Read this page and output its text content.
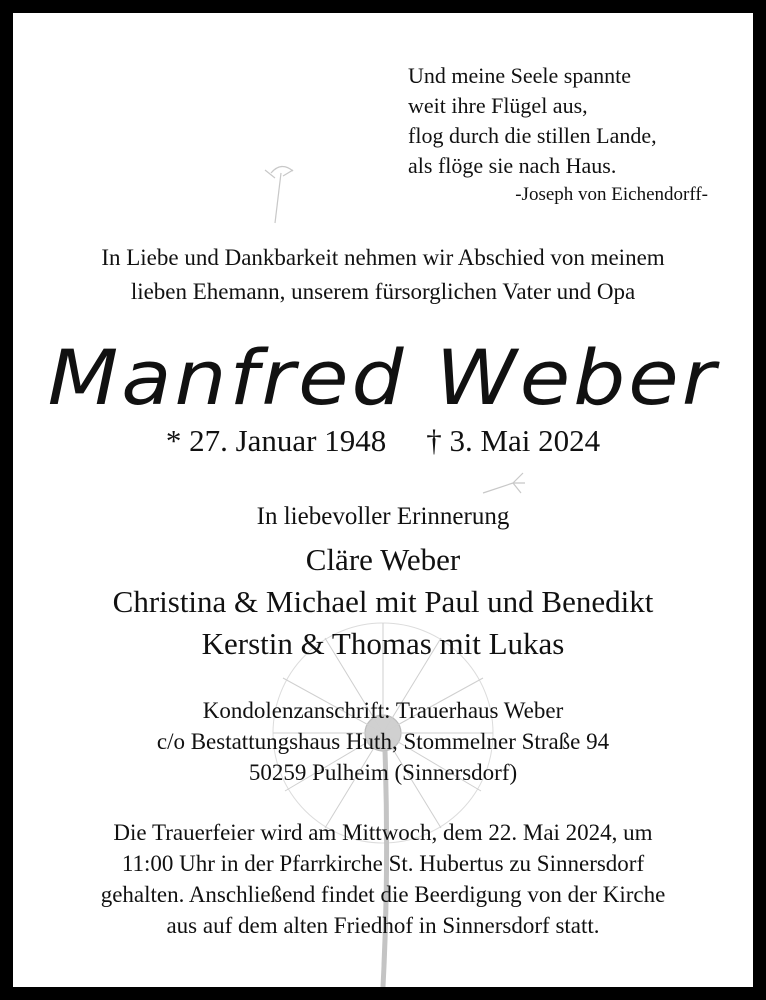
Und meine Seele spannte
weit ihre Flügel aus,
flog durch die stillen Lande,
als flöge sie nach Haus.
-Joseph von Eichendorff-
In Liebe und Dankbarkeit nehmen wir Abschied von meinem
lieben Ehemann, unserem fürsorglichen Vater und Opa
Manfred Weber
* 27. Januar 1948 † 3. Mai 2024
In liebevoller Erinnerung
Cläre Weber
Christina & Michael mit Paul und Benedikt
Kerstin & Thomas mit Lukas
Kondolenzanschrift: Trauerhaus Weber
c/o Bestattungshaus Huth, Stommelner Straße 94
50259 Pulheim (Sinnersdorf)
Die Trauerfeier wird am Mittwoch, dem 22. Mai 2024, um
11:00 Uhr in der Pfarrkirche St. Hubertus zu Sinnersdorf
gehalten. Anschließend findet die Beerdigung von der Kirche
aus auf dem alten Friedhof in Sinnersdorf statt.
